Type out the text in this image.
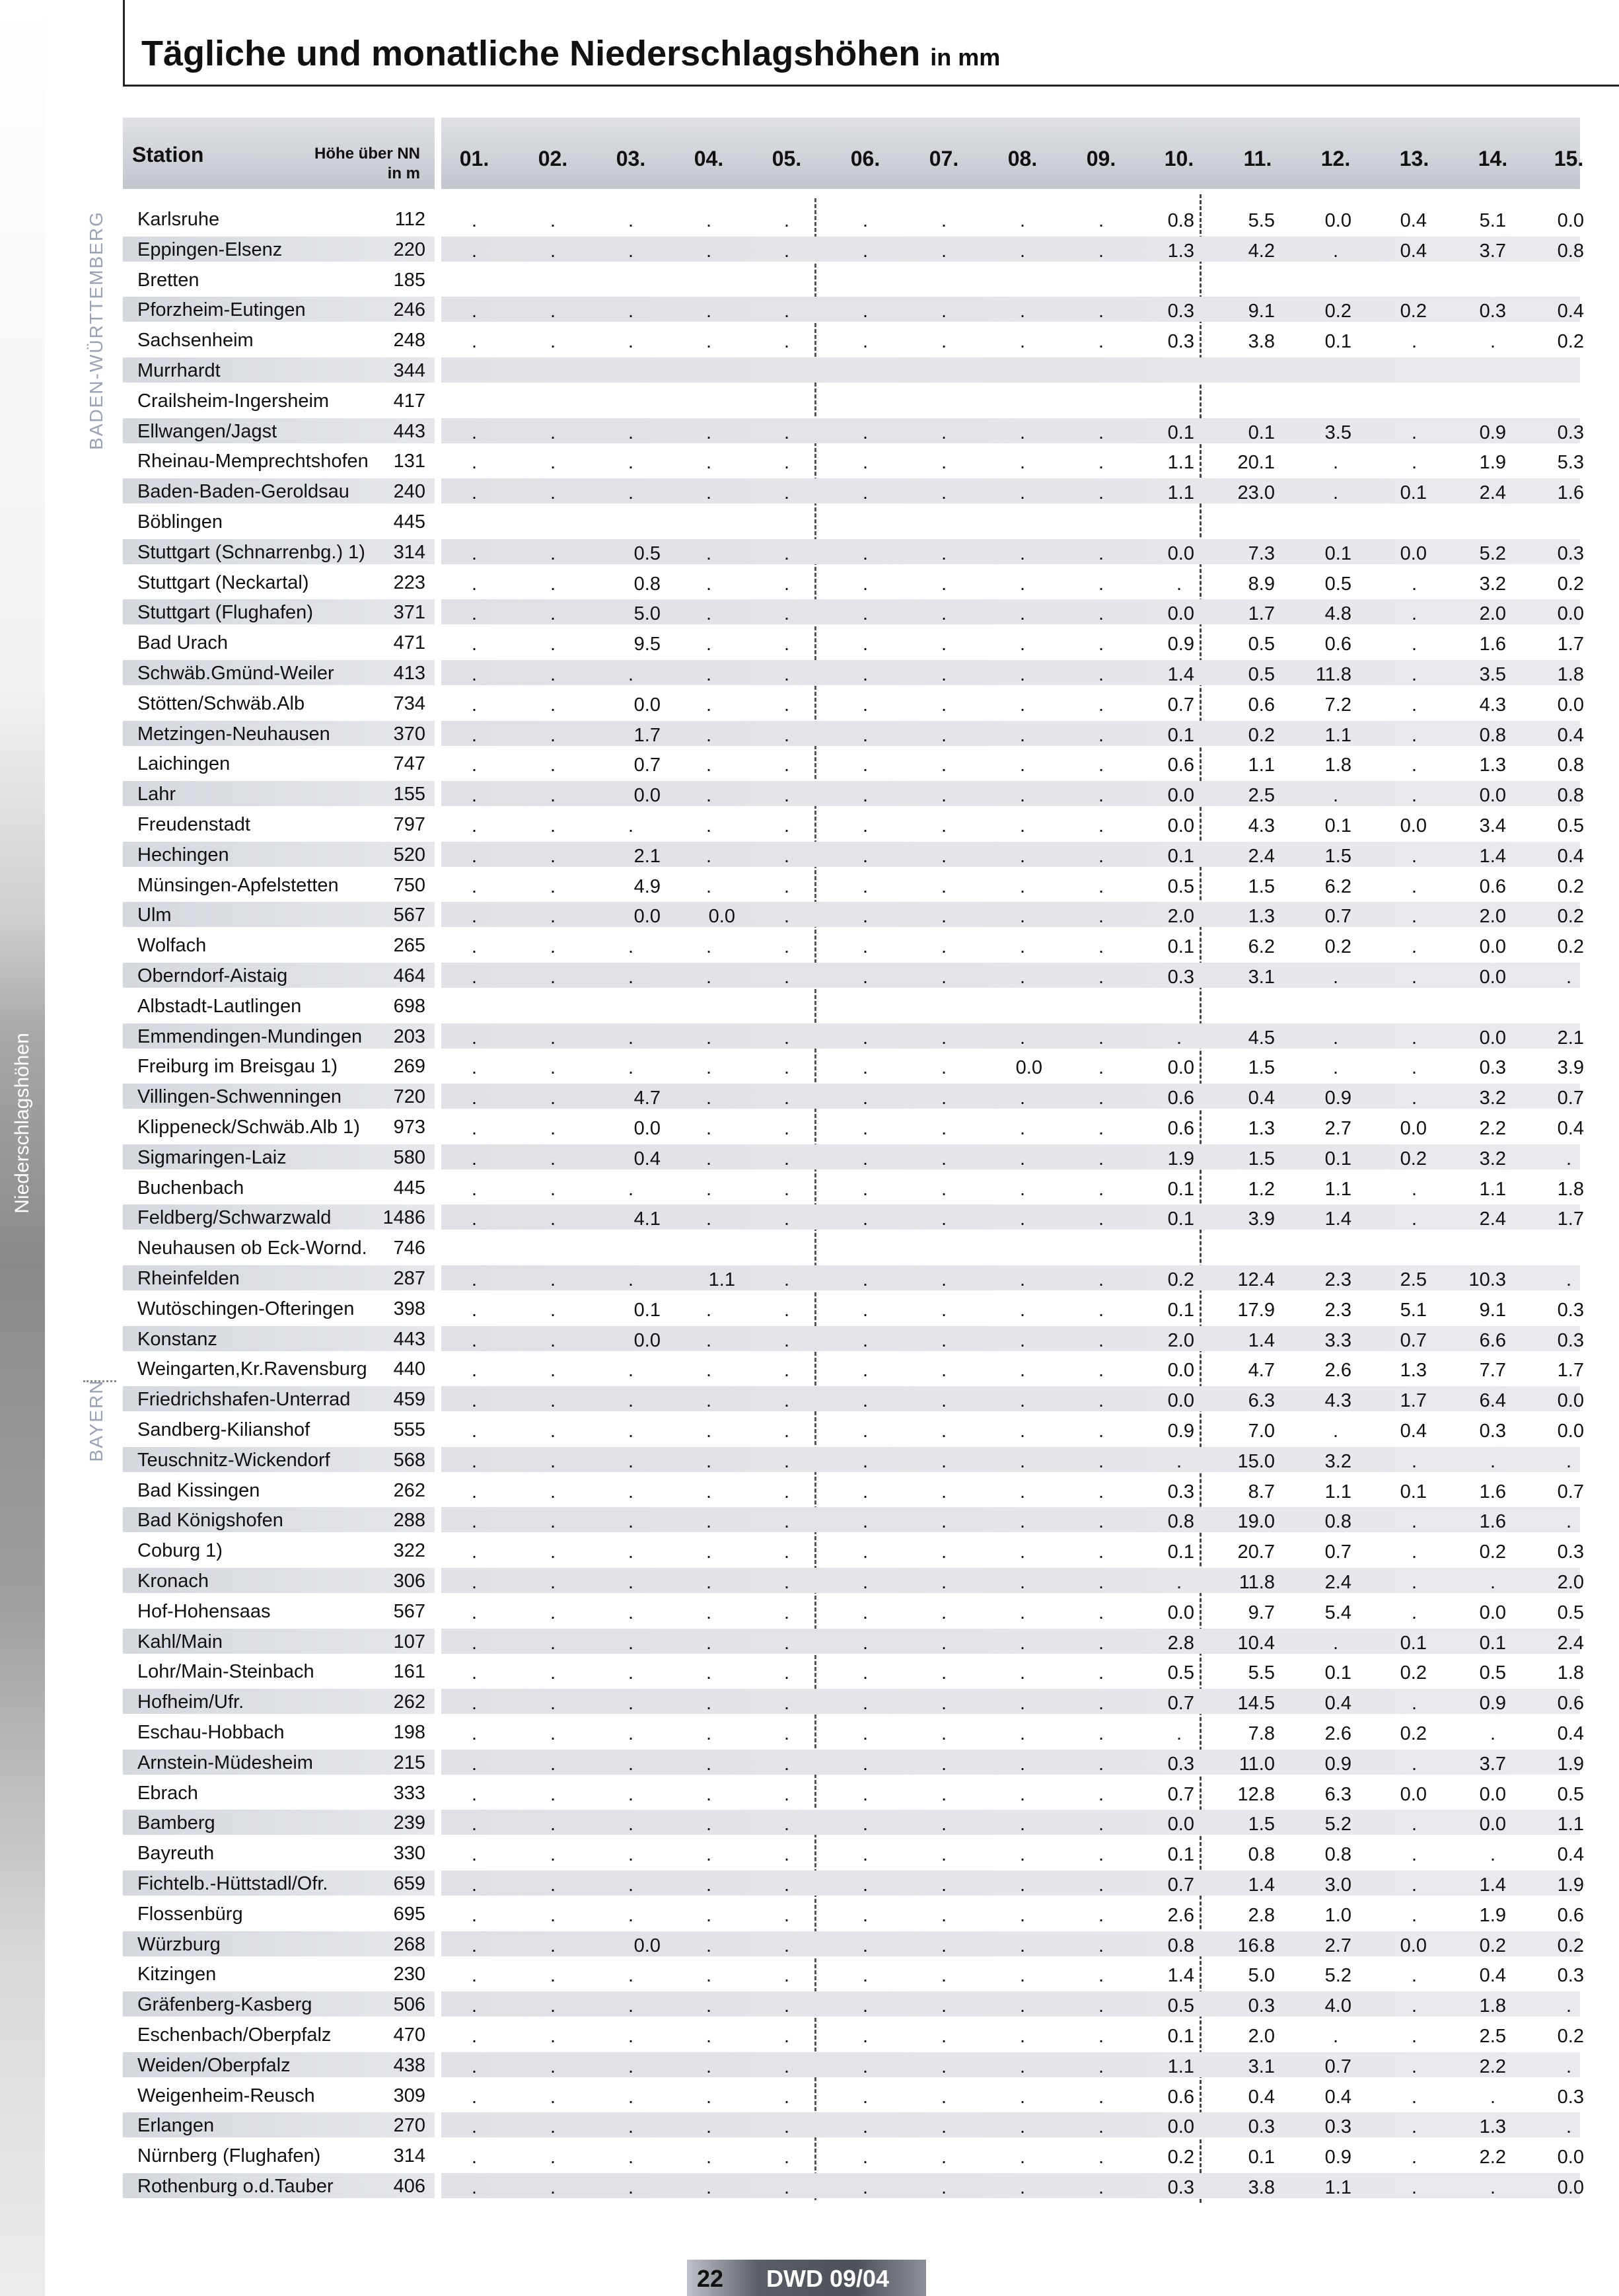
Niederschlagshöhen
Tägliche und monatliche Niederschlagshöhen in mm
Station	Höhe über NN
in m
01.	02.	03.	04.	05.	06.	07.	08.	09.	10.	11.	12.	13.	14.	15.
BADEN-WÜRTTEMBERG
BAYERN
Karlsruhe	112	.	.	.	.	.	.	.	.	.	0.8	5.5	0.0	0.4	5.1	0.0
Eppingen-Elsenz	220	.	.	.	.	.	.	.	.	.	1.3	4.2	.	0.4	3.7	0.8
Bretten	185
Pforzheim-Eutingen	246	.	.	.	.	.	.	.	.	.	0.3	9.1	0.2	0.2	0.3	0.4
Sachsenheim	248	.	.	.	.	.	.	.	.	.	0.3	3.8	0.1	.	.	0.2
Murrhardt	344
Crailsheim-Ingersheim	417
Ellwangen/Jagst	443	.	.	.	.	.	.	.	.	.	0.1	0.1	3.5	.	0.9	0.3
Rheinau-Memprechtshofen	131	.	.	.	.	.	.	.	.	.	1.1	20.1	.	.	1.9	5.3
Baden-Baden-Geroldsau	240	.	.	.	.	.	.	.	.	.	1.1	23.0	.	0.1	2.4	1.6
Böblingen	445
Stuttgart (Schnarrenbg.) 1)	314	.	.	0.5	.	.	.	.	.	.	0.0	7.3	0.1	0.0	5.2	0.3
Stuttgart (Neckartal)	223	.	.	0.8	.	.	.	.	.	.	.	8.9	0.5	.	3.2	0.2
Stuttgart (Flughafen)	371	.	.	5.0	.	.	.	.	.	.	0.0	1.7	4.8	.	2.0	0.0
Bad Urach	471	.	.	9.5	.	.	.	.	.	.	0.9	0.5	0.6	.	1.6	1.7
Schwäb.Gmünd-Weiler	413	.	.	.	.	.	.	.	.	.	1.4	0.5	11.8	.	3.5	1.8
Stötten/Schwäb.Alb	734	.	.	0.0	.	.	.	.	.	.	0.7	0.6	7.2	.	4.3	0.0
Metzingen-Neuhausen	370	.	.	1.7	.	.	.	.	.	.	0.1	0.2	1.1	.	0.8	0.4
Laichingen	747	.	.	0.7	.	.	.	.	.	.	0.6	1.1	1.8	.	1.3	0.8
Lahr	155	.	.	0.0	.	.	.	.	.	.	0.0	2.5	.	.	0.0	0.8
Freudenstadt	797	.	.	.	.	.	.	.	.	.	0.0	4.3	0.1	0.0	3.4	0.5
Hechingen	520	.	.	2.1	.	.	.	.	.	.	0.1	2.4	1.5	.	1.4	0.4
Münsingen-Apfelstetten	750	.	.	4.9	.	.	.	.	.	.	0.5	1.5	6.2	.	0.6	0.2
Ulm	567	.	.	0.0	0.0	.	.	.	.	.	2.0	1.3	0.7	.	2.0	0.2
Wolfach	265	.	.	.	.	.	.	.	.	.	0.1	6.2	0.2	.	0.0	0.2
Oberndorf-Aistaig	464	.	.	.	.	.	.	.	.	.	0.3	3.1	.	.	0.0	.
Albstadt-Lautlingen	698
Emmendingen-Mundingen	203	.	.	.	.	.	.	.	.	.	.	4.5	.	.	0.0	2.1
Freiburg im Breisgau 1)	269	.	.	.	.	.	.	.	0.0	.	0.0	1.5	.	.	0.3	3.9
Villingen-Schwenningen	720	.	.	4.7	.	.	.	.	.	.	0.6	0.4	0.9	.	3.2	0.7
Klippeneck/Schwäb.Alb 1)	973	.	.	0.0	.	.	.	.	.	.	0.6	1.3	2.7	0.0	2.2	0.4
Sigmaringen-Laiz	580	.	.	0.4	.	.	.	.	.	.	1.9	1.5	0.1	0.2	3.2	.
Buchenbach	445	.	.	.	.	.	.	.	.	.	0.1	1.2	1.1	.	1.1	1.8
Feldberg/Schwarzwald	1486	.	.	4.1	.	.	.	.	.	.	0.1	3.9	1.4	.	2.4	1.7
Neuhausen ob Eck-Wornd.	746
Rheinfelden	287	.	.	.	1.1	.	.	.	.	.	0.2	12.4	2.3	2.5	10.3	.
Wutöschingen-Ofteringen	398	.	.	0.1	.	.	.	.	.	.	0.1	17.9	2.3	5.1	9.1	0.3
Konstanz	443	.	.	0.0	.	.	.	.	.	.	2.0	1.4	3.3	0.7	6.6	0.3
Weingarten,Kr.Ravensburg	440	.	.	.	.	.	.	.	.	.	0.0	4.7	2.6	1.3	7.7	1.7
Friedrichshafen-Unterrad	459	.	.	.	.	.	.	.	.	.	0.0	6.3	4.3	1.7	6.4	0.0
Sandberg-Kilianshof	555	.	.	.	.	.	.	.	.	.	0.9	7.0	.	0.4	0.3	0.0
Teuschnitz-Wickendorf	568	.	.	.	.	.	.	.	.	.	.	15.0	3.2	.	.	.
Bad Kissingen	262	.	.	.	.	.	.	.	.	.	0.3	8.7	1.1	0.1	1.6	0.7
Bad Königshofen	288	.	.	.	.	.	.	.	.	.	0.8	19.0	0.8	.	1.6	.
Coburg 1)	322	.	.	.	.	.	.	.	.	.	0.1	20.7	0.7	.	0.2	0.3
Kronach	306	.	.	.	.	.	.	.	.	.	.	11.8	2.4	.	.	2.0
Hof-Hohensaas	567	.	.	.	.	.	.	.	.	.	0.0	9.7	5.4	.	0.0	0.5
Kahl/Main	107	.	.	.	.	.	.	.	.	.	2.8	10.4	.	0.1	0.1	2.4
Lohr/Main-Steinbach	161	.	.	.	.	.	.	.	.	.	0.5	5.5	0.1	0.2	0.5	1.8
Hofheim/Ufr.	262	.	.	.	.	.	.	.	.	.	0.7	14.5	0.4	.	0.9	0.6
Eschau-Hobbach	198	.	.	.	.	.	.	.	.	.	.	7.8	2.6	0.2	.	0.4
Arnstein-Müdesheim	215	.	.	.	.	.	.	.	.	.	0.3	11.0	0.9	.	3.7	1.9
Ebrach	333	.	.	.	.	.	.	.	.	.	0.7	12.8	6.3	0.0	0.0	0.5
Bamberg	239	.	.	.	.	.	.	.	.	.	0.0	1.5	5.2	.	0.0	1.1
Bayreuth	330	.	.	.	.	.	.	.	.	.	0.1	0.8	0.8	.	.	0.4
Fichtelb.-Hüttstadl/Ofr.	659	.	.	.	.	.	.	.	.	.	0.7	1.4	3.0	.	1.4	1.9
Flossenbürg	695	.	.	.	.	.	.	.	.	.	2.6	2.8	1.0	.	1.9	0.6
Würzburg	268	.	.	0.0	.	.	.	.	.	.	0.8	16.8	2.7	0.0	0.2	0.2
Kitzingen	230	.	.	.	.	.	.	.	.	.	1.4	5.0	5.2	.	0.4	0.3
Gräfenberg-Kasberg	506	.	.	.	.	.	.	.	.	.	0.5	0.3	4.0	.	1.8	.
Eschenbach/Oberpfalz	470	.	.	.	.	.	.	.	.	.	0.1	2.0	.	.	2.5	0.2
Weiden/Oberpfalz	438	.	.	.	.	.	.	.	.	.	1.1	3.1	0.7	.	2.2	.
Weigenheim-Reusch	309	.	.	.	.	.	.	.	.	.	0.6	0.4	0.4	.	.	0.3
Erlangen	270	.	.	.	.	.	.	.	.	.	0.0	0.3	0.3	.	1.3	.
Nürnberg (Flughafen)	314	.	.	.	.	.	.	.	.	.	0.2	0.1	0.9	.	2.2	0.0
Rothenburg o.d.Tauber	406	.	.	.	.	.	.	.	.	.	0.3	3.8	1.1	.	.	0.0
22 DWD 09/04
